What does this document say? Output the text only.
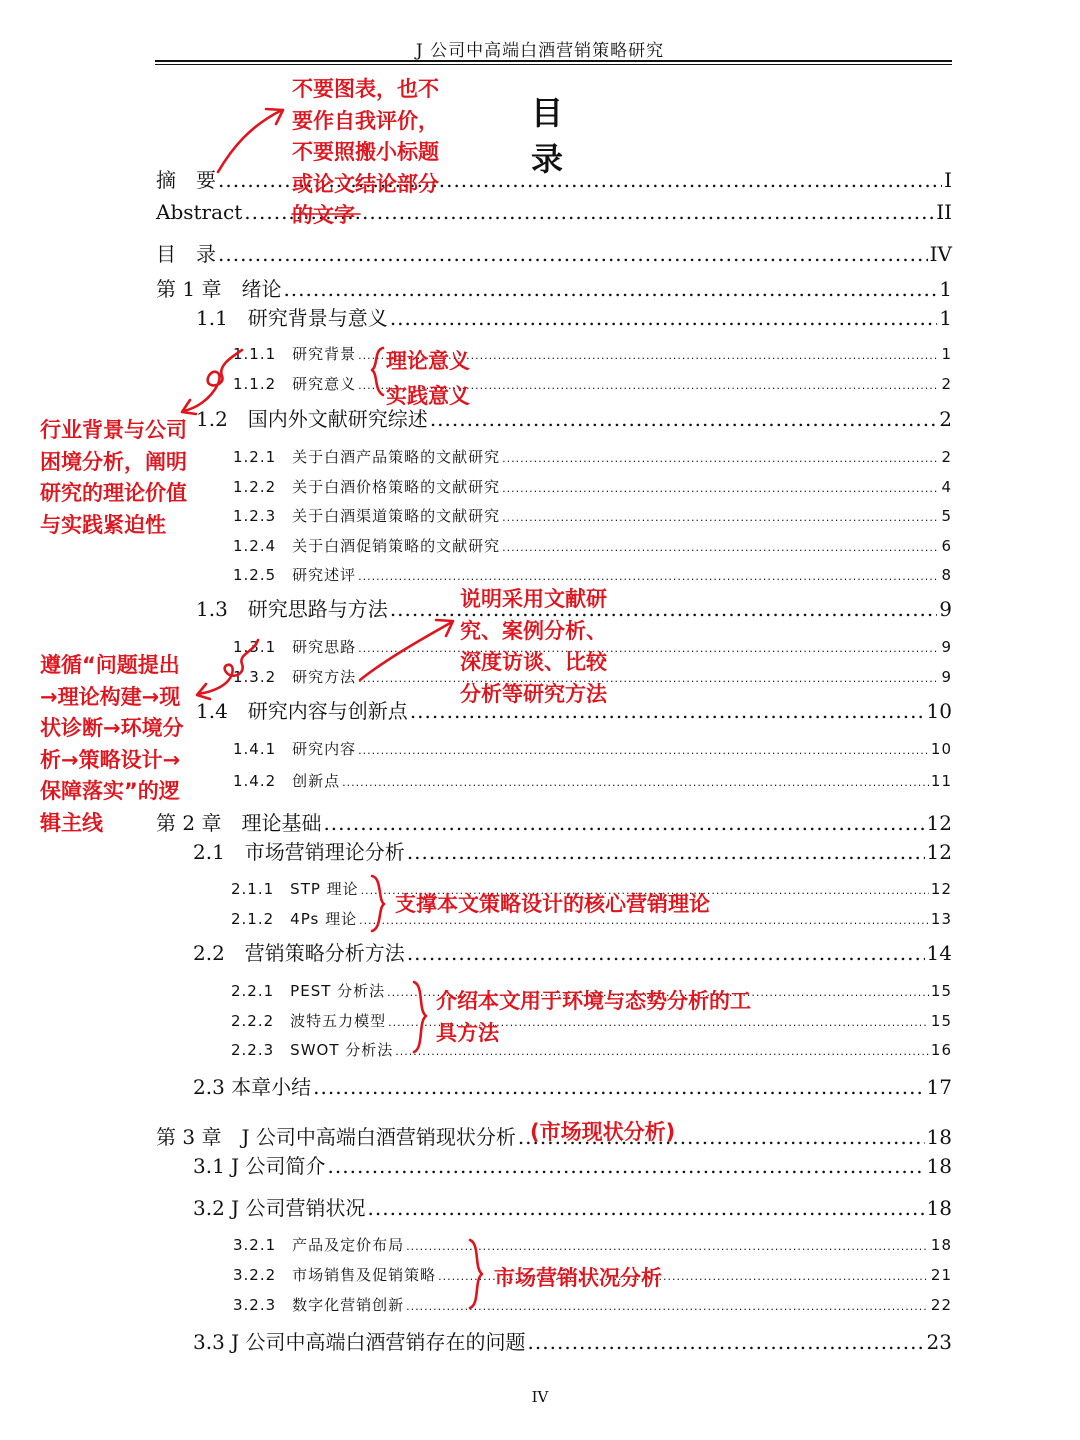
J 公司中高端白酒营销策略研究
目　录
摘　要 .....	I
Abstract .....	II
目　录 .....	IV
第 1 章　绪论 .....	1
1.1　研究背景与意义 .....	1
1.1.1　研究背景 .....	1
1.1.2　研究意义 .....	2
1.2　国内外文献研究综述 .....	2
1.2.1　关于白酒产品策略的文献研究 .....	2
1.2.2　关于白酒价格策略的文献研究 .....	4
1.2.3　关于白酒渠道策略的文献研究 .....	5
1.2.4　关于白酒促销策略的文献研究 .....	6
1.2.5　研究述评 .....	8
1.3　研究思路与方法 .....	9
1.3.1　研究思路 .....	9
1.3.2　研究方法 .....	9
1.4　研究内容与创新点 .....	10
1.4.1　研究内容 .....	10
1.4.2　创新点 .....	11
第 2 章　理论基础 .....	12
2.1　市场营销理论分析 .....	12
2.1.1　STP 理论 .....	12
2.1.2　4Ps 理论 .....	13
2.2　营销策略分析方法 .....	14
2.2.1　PEST 分析法 .....	15
2.2.2　波特五力模型 .....	15
2.2.3　SWOT 分析法 .....	16
2.3 本章小结 .....	17
第 3 章　J 公司中高端白酒营销现状分析 .....	18
3.1 J 公司简介 .....	18
3.2 J 公司营销状况 .....	18
3.2.1　产品及定价布局 .....	18
3.2.2　市场销售及促销策略 .....	21
3.2.3　数字化营销创新 .....	22
3.3 J 公司中高端白酒营销存在的问题 .....	23
IV
不要图表，也不
要作自我评价，
不要照搬小标题
或论文结论部分
的文字
理论意义
实践意义
行业背景与公司
困境分析，阐明
研究的理论价值
与实践紧迫性
说明采用文献研
究、案例分析、
深度访谈、比较
分析等研究方法
遵循“问题提出
→理论构建→现
状诊断→环境分
析→策略设计→
保障落实”的逻
辑主线
支撑本文策略设计的核心营销理论
介绍本文用于环境与态势分析的工
具方法
(市场现状分析)
市场营销状况分析
